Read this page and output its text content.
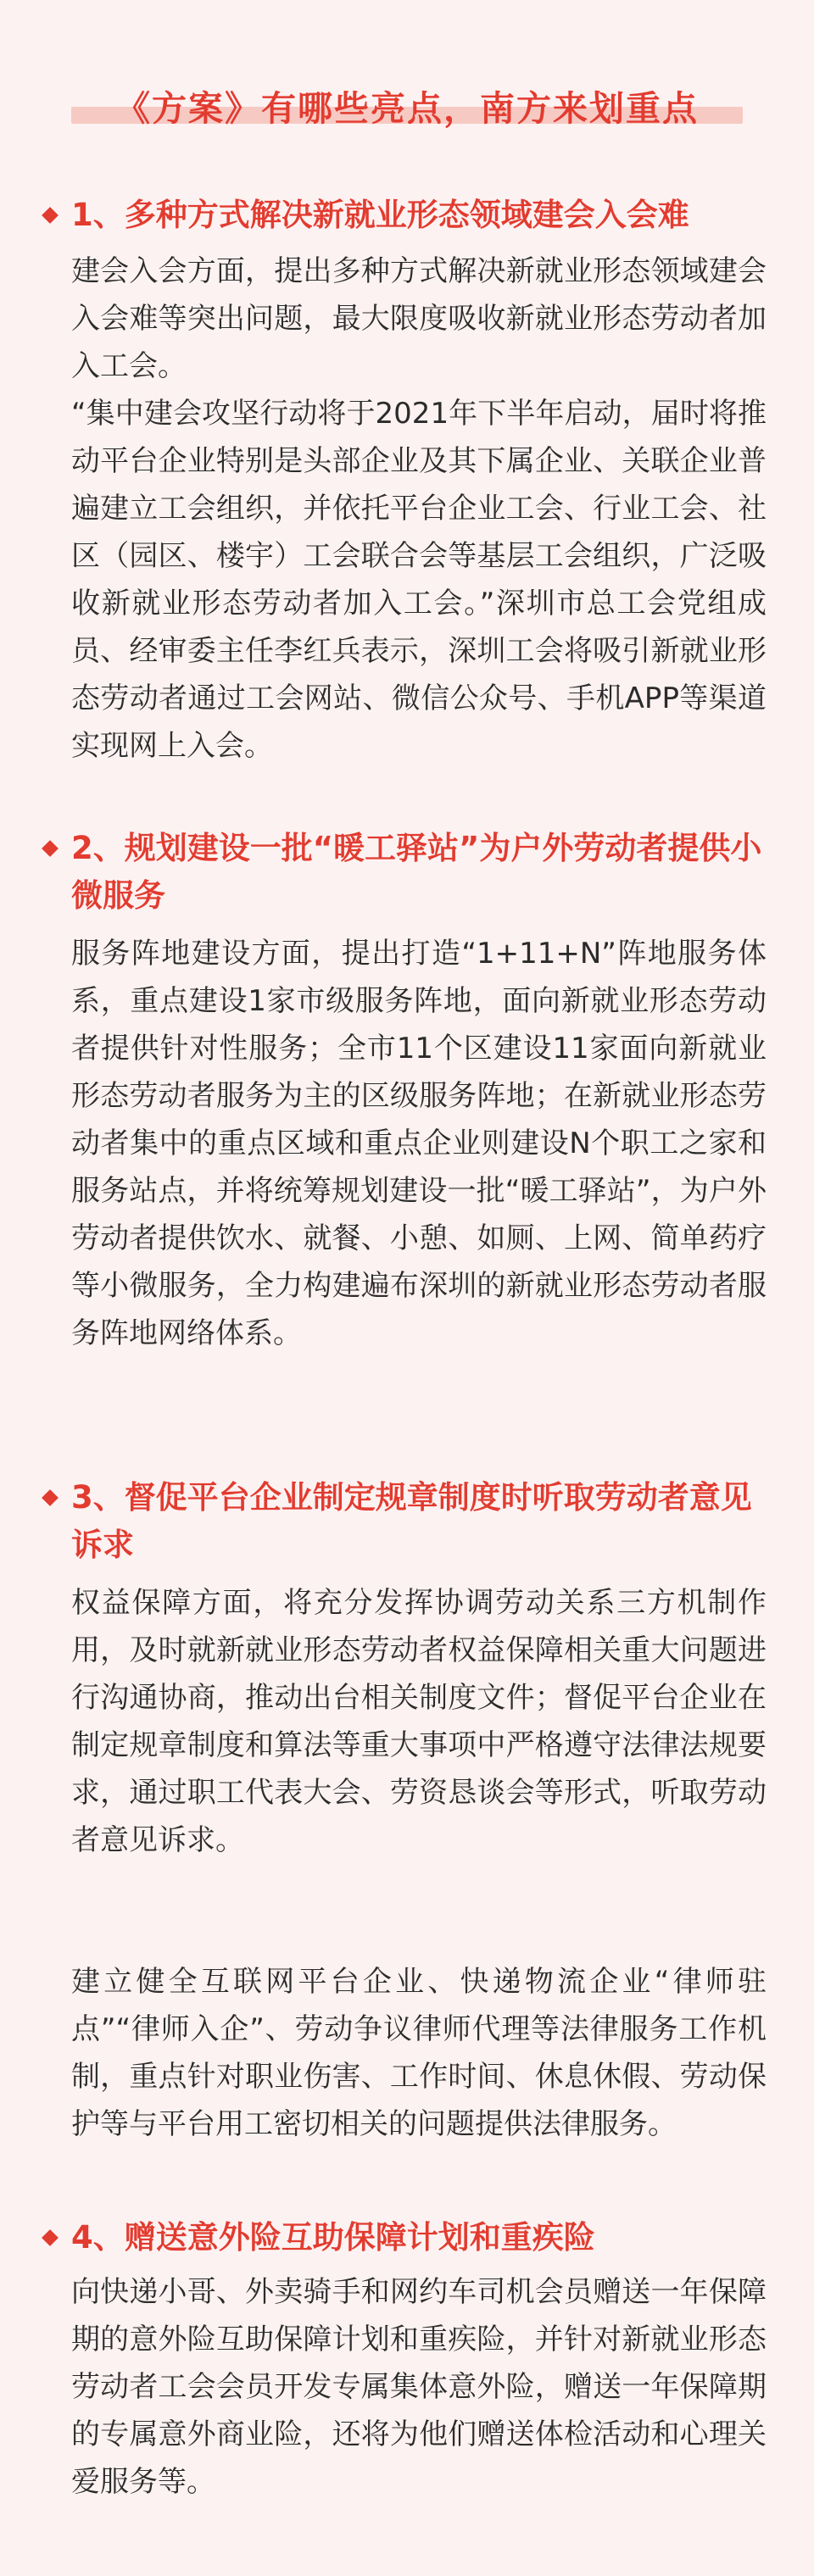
《方案》有哪些亮点，南方来划重点
1、多种方式解决新就业形态领域建会入会难
建会入会方面，提出多种方式解决新就业形态领域建会入会难等突出问题，最大限度吸收新就业形态劳动者加入工会。
“集中建会攻坚行动将于2021年下半年启动，届时将推动平台企业特别是头部企业及其下属企业、关联企业普遍建立工会组织，并依托平台企业工会、行业工会、社区（园区、楼宇）工会联合会等基层工会组织，广泛吸收新就业形态劳动者加入工会。”深圳市总工会党组成员、经审委主任李红兵表示，深圳工会将吸引新就业形态劳动者通过工会网站、微信公众号、手机APP等渠道实现网上入会。
2、规划建设一批“暖工驿站”为户外劳动者提供小微服务
服务阵地建设方面，提出打造“1+11+N”阵地服务体系，重点建设1家市级服务阵地，面向新就业形态劳动者提供针对性服务；全市11个区建设11家面向新就业形态劳动者服务为主的区级服务阵地；在新就业形态劳动者集中的重点区域和重点企业则建设N个职工之家和服务站点，并将统筹规划建设一批“暖工驿站”，为户外劳动者提供饮水、就餐、小憩、如厕、上网、简单药疗等小微服务，全力构建遍布深圳的新就业形态劳动者服务阵地网络体系。
3、督促平台企业制定规章制度时听取劳动者意见诉求
权益保障方面，将充分发挥协调劳动关系三方机制作用，及时就新就业形态劳动者权益保障相关重大问题进行沟通协商，推动出台相关制度文件；督促平台企业在制定规章制度和算法等重大事项中严格遵守法律法规要求，通过职工代表大会、劳资恳谈会等形式，听取劳动者意见诉求。
建立健全互联网平台企业、快递物流企业“律师驻点”“律师入企”、劳动争议律师代理等法律服务工作机制，重点针对职业伤害、工作时间、休息休假、劳动保护等与平台用工密切相关的问题提供法律服务。
4、赠送意外险互助保障计划和重疾险
向快递小哥、外卖骑手和网约车司机会员赠送一年保障期的意外险互助保障计划和重疾险，并针对新就业形态劳动者工会会员开发专属集体意外险，赠送一年保障期的专属意外商业险，还将为他们赠送体检活动和心理关爱服务等。
